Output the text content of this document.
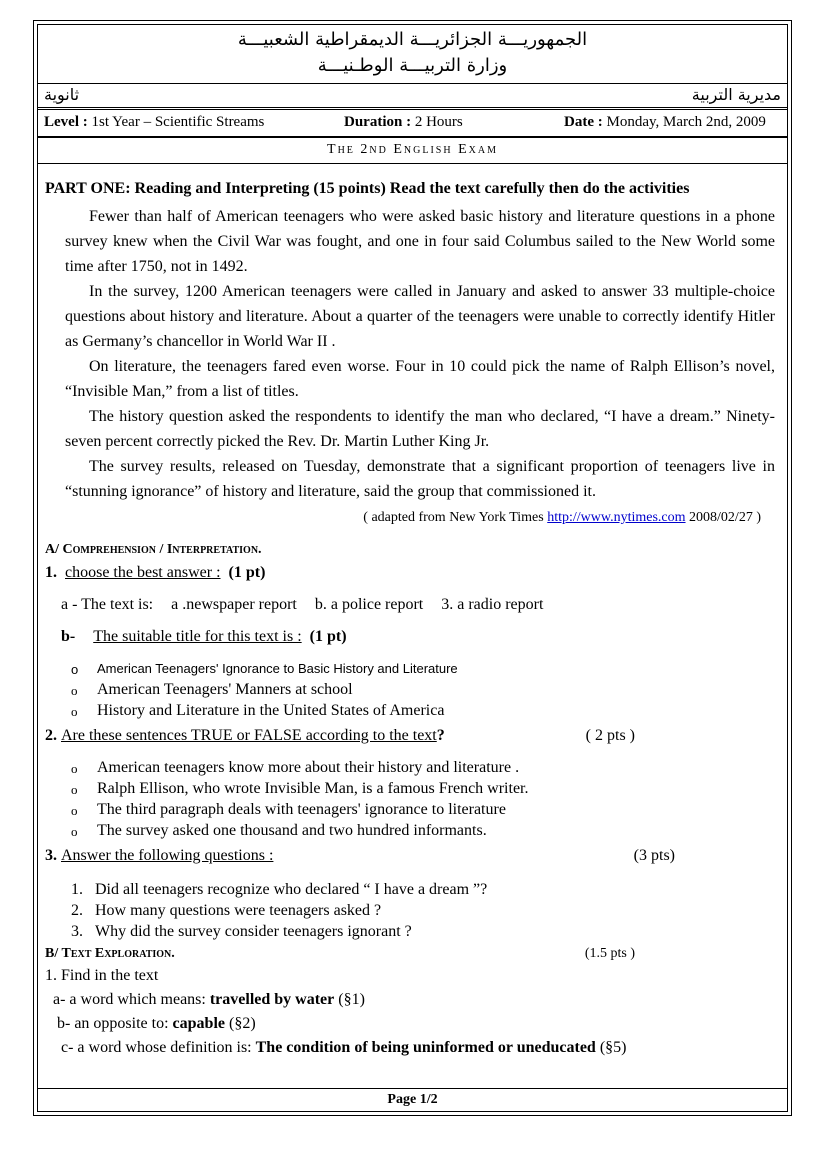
الجمهوريـــة الجزائريـــة الديمقراطية الشعبيـــة
وزارة التربيـــة الوطـنيـــة
ثانوية	مديرية التربية
Level : 1st Year – Scientific Streams	Duration : 2 Hours	Date : Monday, March 2nd, 2009
The 2nd English Exam
PART ONE: Reading and Interpreting (15 points) Read the text carefully then do the activities

Fewer than half of American teenagers who were asked basic history and literature questions in a phone survey knew when the Civil War was fought, and one in four said Columbus sailed to the New World some time after 1750, not in 1492.

In the survey, 1200 American teenagers were called in January and asked to answer 33 multiple-choice questions about history and literature. About a quarter of the teenagers were unable to correctly identify Hitler as Germany’s chancellor in World War II .

On literature, the teenagers fared even worse. Four in 10 could pick the name of Ralph Ellison’s novel, “Invisible Man,” from a list of titles.

The history question asked the respondents to identify the man who declared, “I have a dream.” Ninety-seven percent correctly picked the Rev. Dr. Martin Luther King Jr.

The survey results, released on Tuesday, demonstrate that a significant proportion of teenagers live in “stunning ignorance” of history and literature, said the group that commissioned it.

( adapted from New York Times http://www.nytimes.com 2008/02/27 )
A/ Comprehension / Interpretation.
1. choose the best answer : (1 pt)
a - The text is: a .newspaper report b. a police report 3. a radio report
b- The suitable title for this text is : (1 pt)
o American Teenagers' Ignorance to Basic History and Literature
o American Teenagers' Manners at school
o History and Literature in the United States of America
2. Are these sentences TRUE or FALSE according to the text?	( 2 pts )
o American teenagers know more about their history and literature .
o Ralph Ellison, who wrote Invisible Man, is a famous French writer.
o The third paragraph deals with teenagers' ignorance to literature
o The survey asked one thousand and two hundred informants.
3. Answer the following questions :	(3 pts)
1. Did all teenagers recognize who declared “ I have a dream ”?
2. How many questions were teenagers asked ?
3. Why did the survey consider teenagers ignorant ?
B/ Text Exploration.	(1.5 pts )
1. Find in the text
a- a word which means: travelled by water (§1)
b- an opposite to: capable (§2)
c- a word whose definition is: The condition of being uninformed or uneducated (§5)
Page 1/2
